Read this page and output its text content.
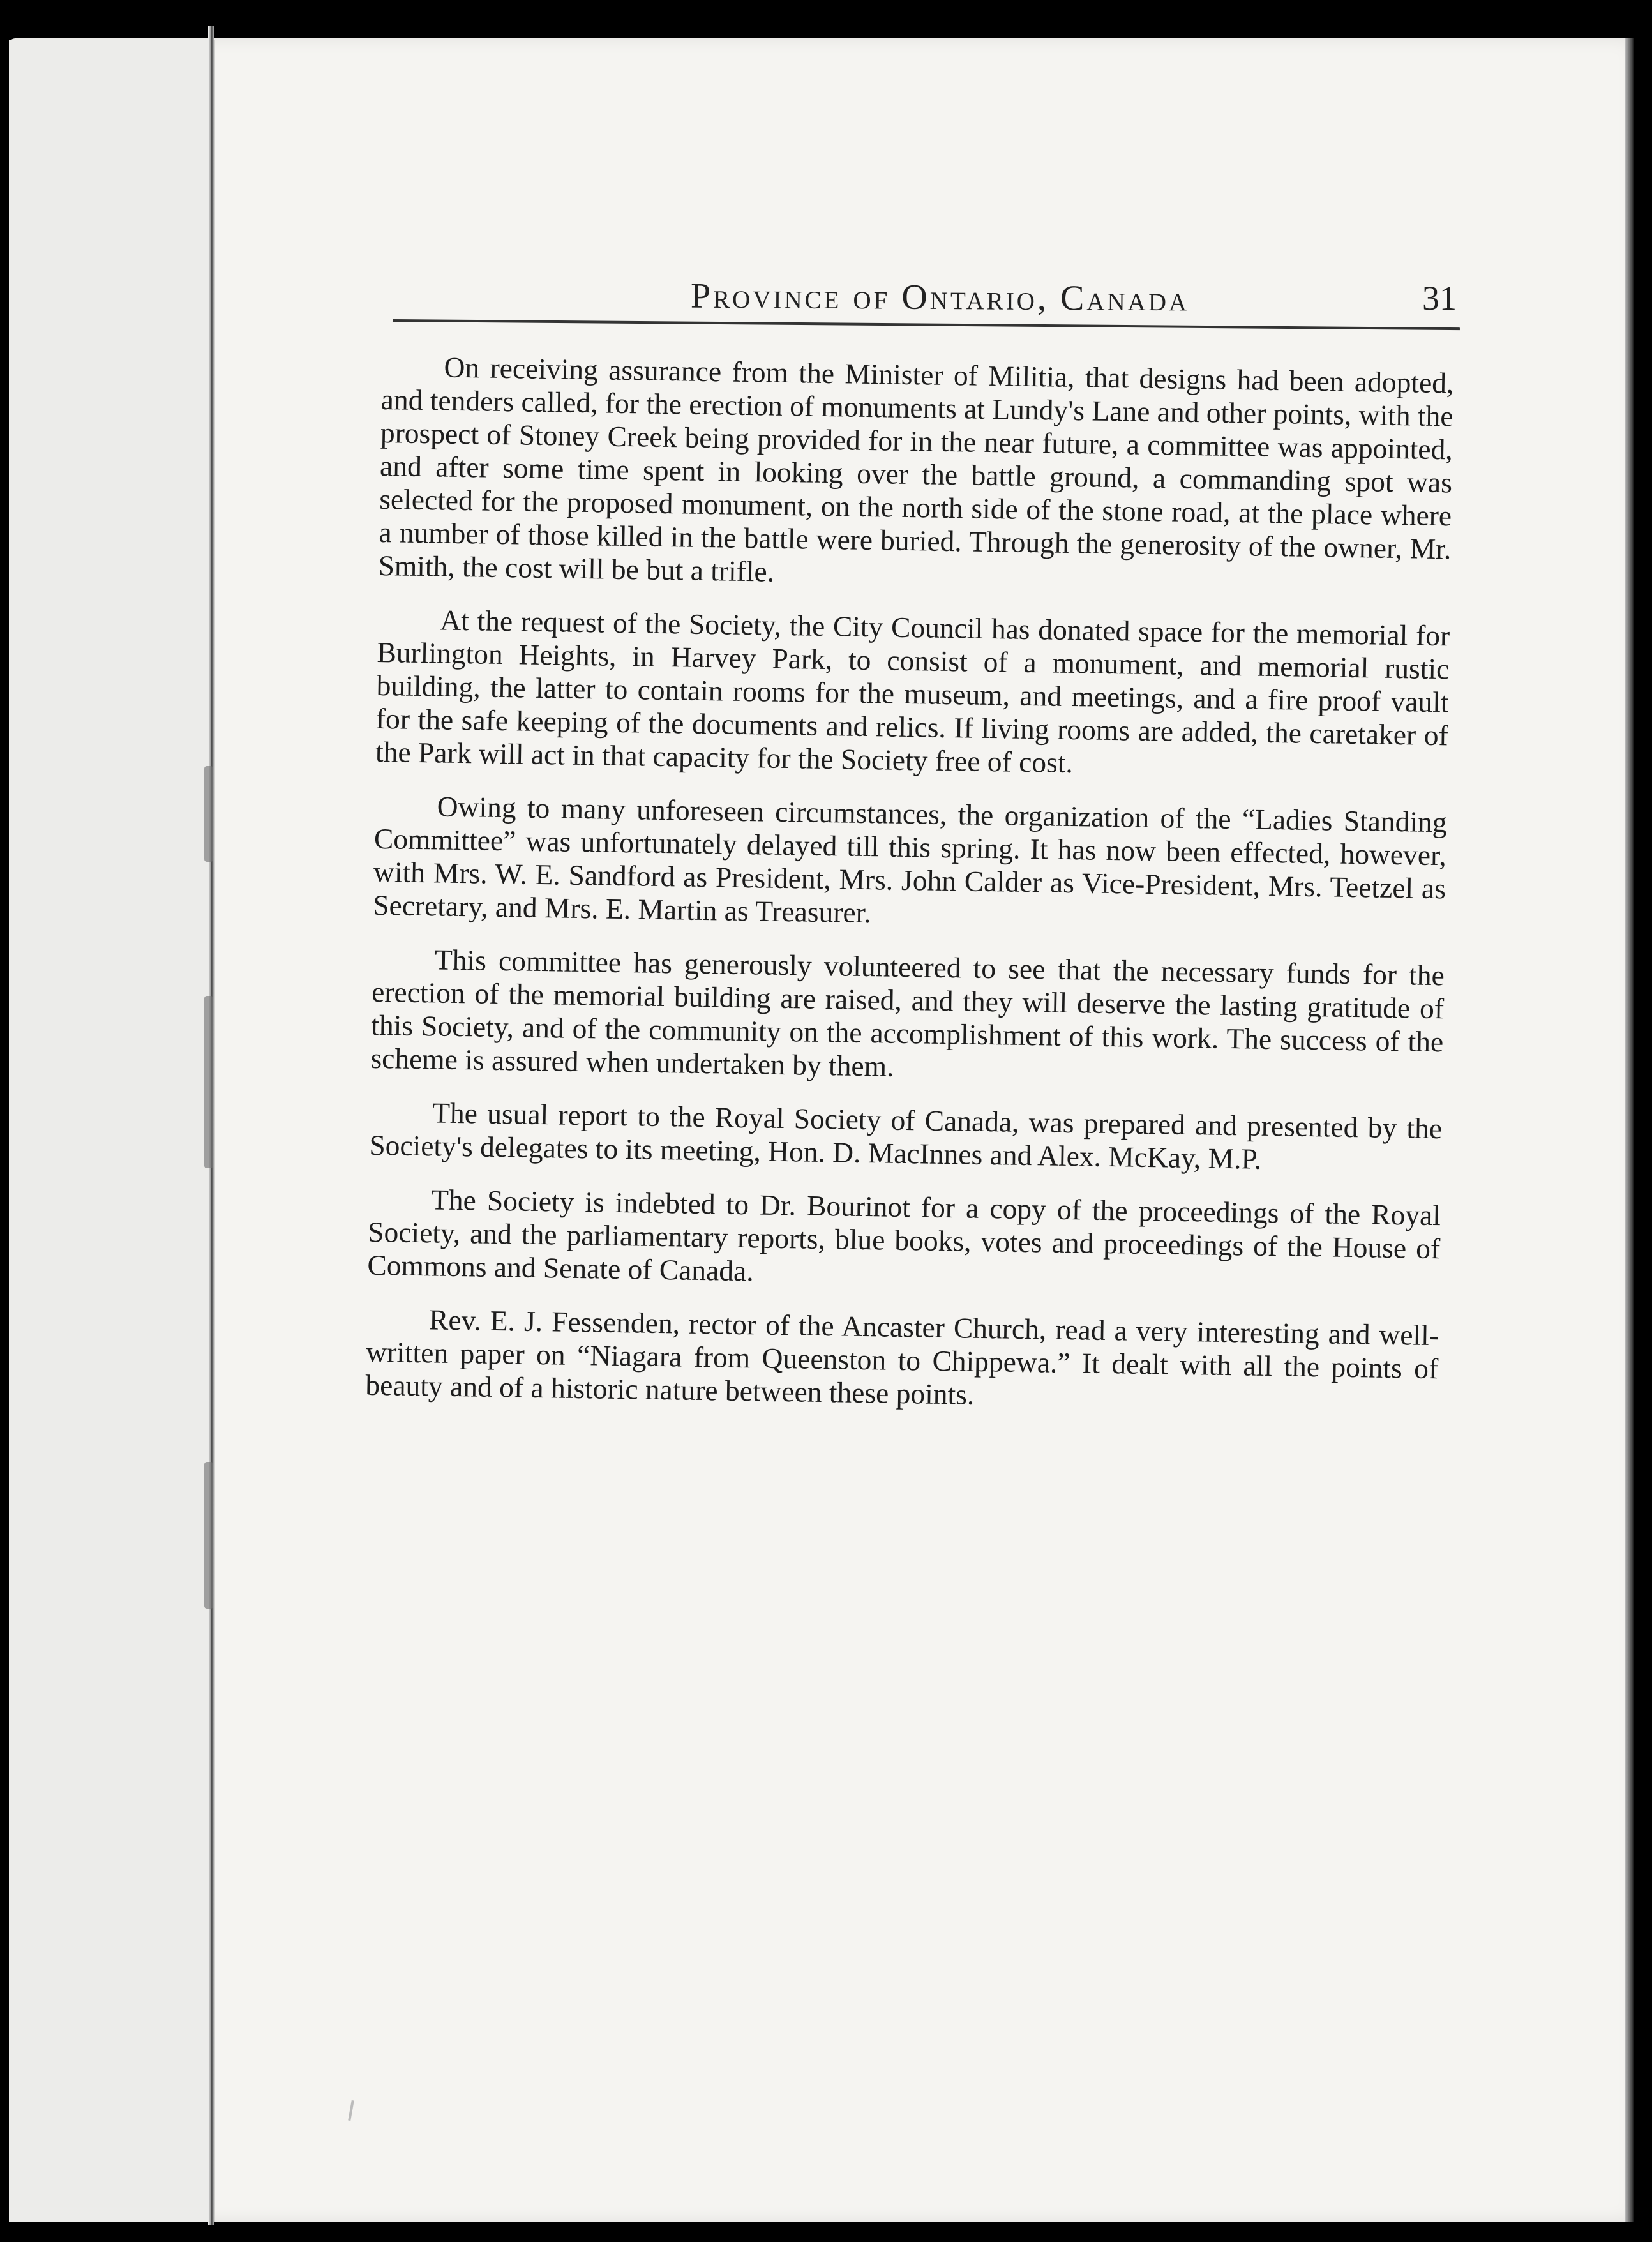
Province of Ontario, Canada	31

On receiving assurance from the Minister of Militia, that designs had been adopted, and tenders called, for the erection of monuments at Lundy's Lane and other points, with the prospect of Stoney Creek being provided for in the near future, a committee was appointed, and after some time spent in looking over the battle ground, a commanding spot was selected for the proposed monument, on the north side of the stone road, at the place where a number of those killed in the battle were buried. Through the generosity of the owner, Mr. Smith, the cost will be but a trifle.

At the request of the Society, the City Council has donated space for the memorial for Burlington Heights, in Harvey Park, to consist of a monument, and memorial rustic building, the latter to contain rooms for the museum, and meetings, and a fire proof vault for the safe keeping of the documents and relics. If living rooms are added, the caretaker of the Park will act in that capacity for the Society free of cost.

Owing to many unforeseen circumstances, the organization of the “Ladies Standing Committee” was unfortunately delayed till this spring. It has now been effected, however, with Mrs. W. E. Sandford as President, Mrs. John Calder as Vice-President, Mrs. Teetzel as Secretary, and Mrs. E. Martin as Treasurer.

This committee has generously volunteered to see that the necessary funds for the erection of the memorial building are raised, and they will deserve the lasting gratitude of this Society, and of the community on the accomplishment of this work. The success of the scheme is assured when undertaken by them.

The usual report to the Royal Society of Canada, was prepared and presented by the Society's delegates to its meeting, Hon. D. MacInnes and Alex. McKay, M.P.

The Society is indebted to Dr. Bourinot for a copy of the proceedings of the Royal Society, and the parliamentary reports, blue books, votes and proceedings of the House of Commons and Senate of Canada.

Rev. E. J. Fessenden, rector of the Ancaster Church, read a very interesting and well-written paper on “Niagara from Queenston to Chippewa.” It dealt with all the points of beauty and of a historic nature between these points.
